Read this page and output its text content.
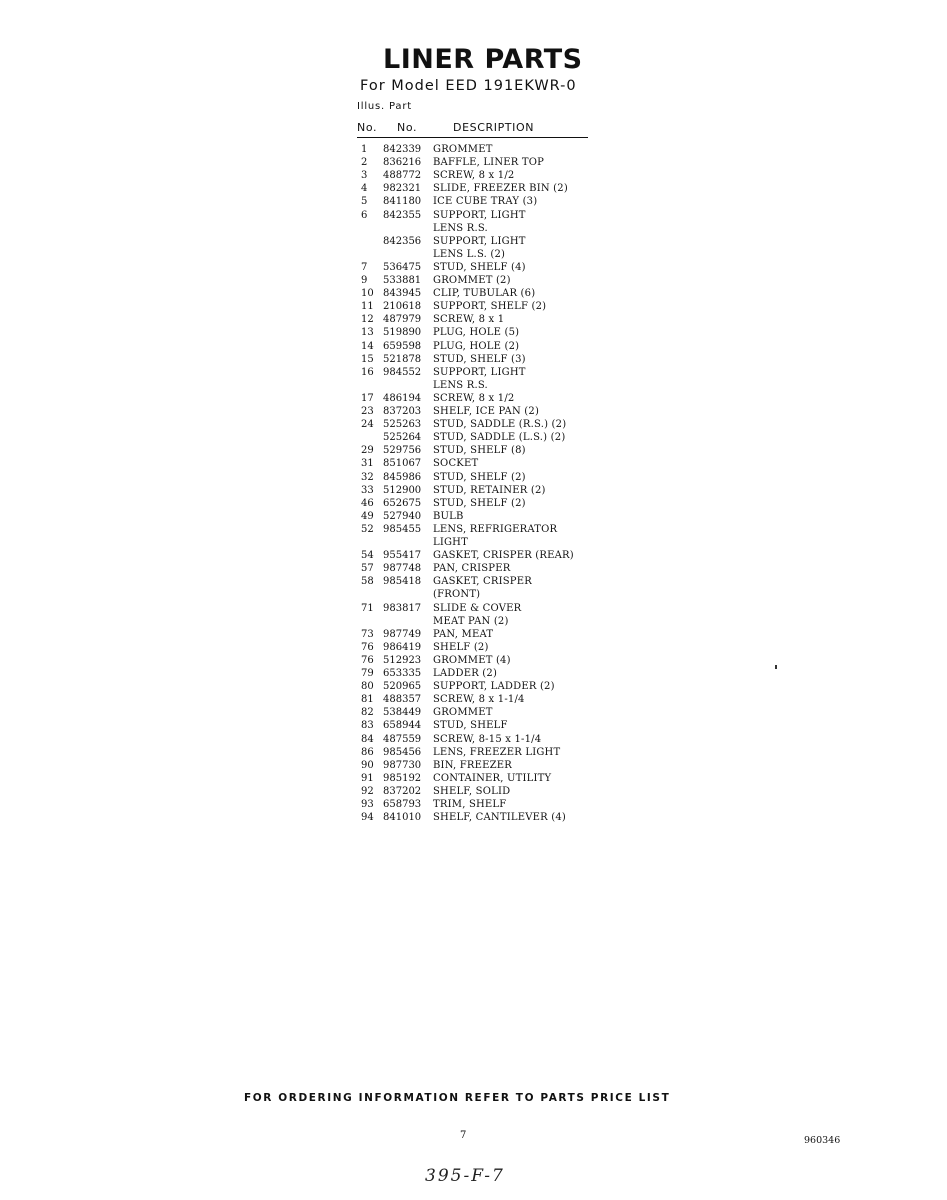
LINER PARTS
For Model EED 191EKWR-0
Illus. Part
No. No.	DESCRIPTION
1	842339 GROMMET
2	836216 BAFFLE, LINER TOP
3	488772 SCREW, 8 x 1/2
4	982321 SLIDE, FREEZER BIN (2)
5	841180 ICE CUBE TRAY (3)
6	842355 SUPPORT, LIGHT
LENS R.S.
842356 SUPPORT, LIGHT
LENS L.S. (2)
7	536475 STUD, SHELF (4)
9	533881 GROMMET (2)
10 843945 CLIP, TUBULAR (6)
11 210618 SUPPORT, SHELF (2)
12 487979 SCREW, 8 x 1
13 519890 PLUG, HOLE (5)
14 659598 PLUG, HOLE (2)
15 521878 STUD, SHELF (3)
16 984552 SUPPORT, LIGHT
LENS R.S.
17 486194 SCREW, 8 x 1/2
23 837203 SHELF, ICE PAN (2)
24 525263 STUD, SADDLE (R.S.) (2)
525264 STUD, SADDLE (L.S.) (2)
29 529756 STUD, SHELF (8)
31 851067 SOCKET
32 845986 STUD, SHELF (2)
33 512900 STUD, RETAINER (2)
46 652675 STUD, SHELF (2)
49 527940 BULB
52 985455 LENS, REFRIGERATOR
LIGHT
54 955417 GASKET, CRISPER (REAR)
57 987748 PAN, CRISPER
58 985418 GASKET, CRISPER
(FRONT)
71 983817 SLIDE & COVER
MEAT PAN (2)
73 987749 PAN, MEAT
76 986419 SHELF (2)
76 512923 GROMMET (4)
79 653335 LADDER (2)
80 520965 SUPPORT, LADDER (2)
81 488357 SCREW, 8 x 1-1/4
82 538449 GROMMET
83 658944 STUD, SHELF
84 487559 SCREW, 8-15 x 1-1/4
86 985456 LENS, FREEZER LIGHT
90 987730 BIN, FREEZER
91 985192 CONTAINER, UTILITY
92 837202 SHELF, SOLID
93 658793 TRIM, SHELF
94 841010 SHELF, CANTILEVER (4)
FOR ORDERING INFORMATION REFER TO PARTS PRICE LIST
7	960346
395-F-7
